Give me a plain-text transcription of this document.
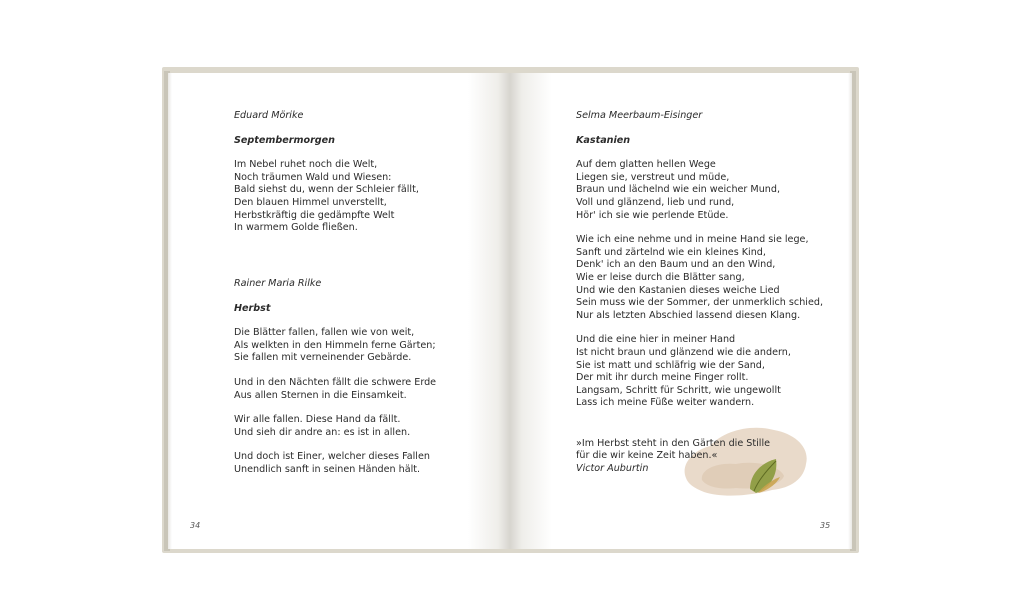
Eduard Mörike
Septembermorgen
Im Nebel ruhet noch die Welt,
Noch träumen Wald und Wiesen:
Bald siehst du, wenn der Schleier fällt,
Den blauen Himmel unverstellt,
Herbstkräftig die gedämpfte Welt
In warmem Golde fließen.
Rainer Maria Rilke
Herbst
Die Blätter fallen, fallen wie von weit,
Als welkten in den Himmeln ferne Gärten;
Sie fallen mit verneinender Gebärde.
Und in den Nächten fällt die schwere Erde
Aus allen Sternen in die Einsamkeit.
Wir alle fallen. Diese Hand da fällt.
Und sieh dir andre an: es ist in allen.
Und doch ist Einer, welcher dieses Fallen
Unendlich sanft in seinen Händen hält.
34
Selma Meerbaum-Eisinger
Kastanien
Auf dem glatten hellen Wege
Liegen sie, verstreut und müde,
Braun und lächelnd wie ein weicher Mund,
Voll und glänzend, lieb und rund,
Hör' ich sie wie perlende Etüde.
Wie ich eine nehme und in meine Hand sie lege,
Sanft und zärtelnd wie ein kleines Kind,
Denk' ich an den Baum und an den Wind,
Wie er leise durch die Blätter sang,
Und wie den Kastanien dieses weiche Lied
Sein muss wie der Sommer, der unmerklich schied,
Nur als letzten Abschied lassend diesen Klang.
Und die eine hier in meiner Hand
Ist nicht braun und glänzend wie die andern,
Sie ist matt und schläfrig wie der Sand,
Der mit ihr durch meine Finger rollt.
Langsam, Schritt für Schritt, wie ungewollt
Lass ich meine Füße weiter wandern.
»Im Herbst steht in den Gärten die Stille
für die wir keine Zeit haben.«
Victor Auburtin
35
